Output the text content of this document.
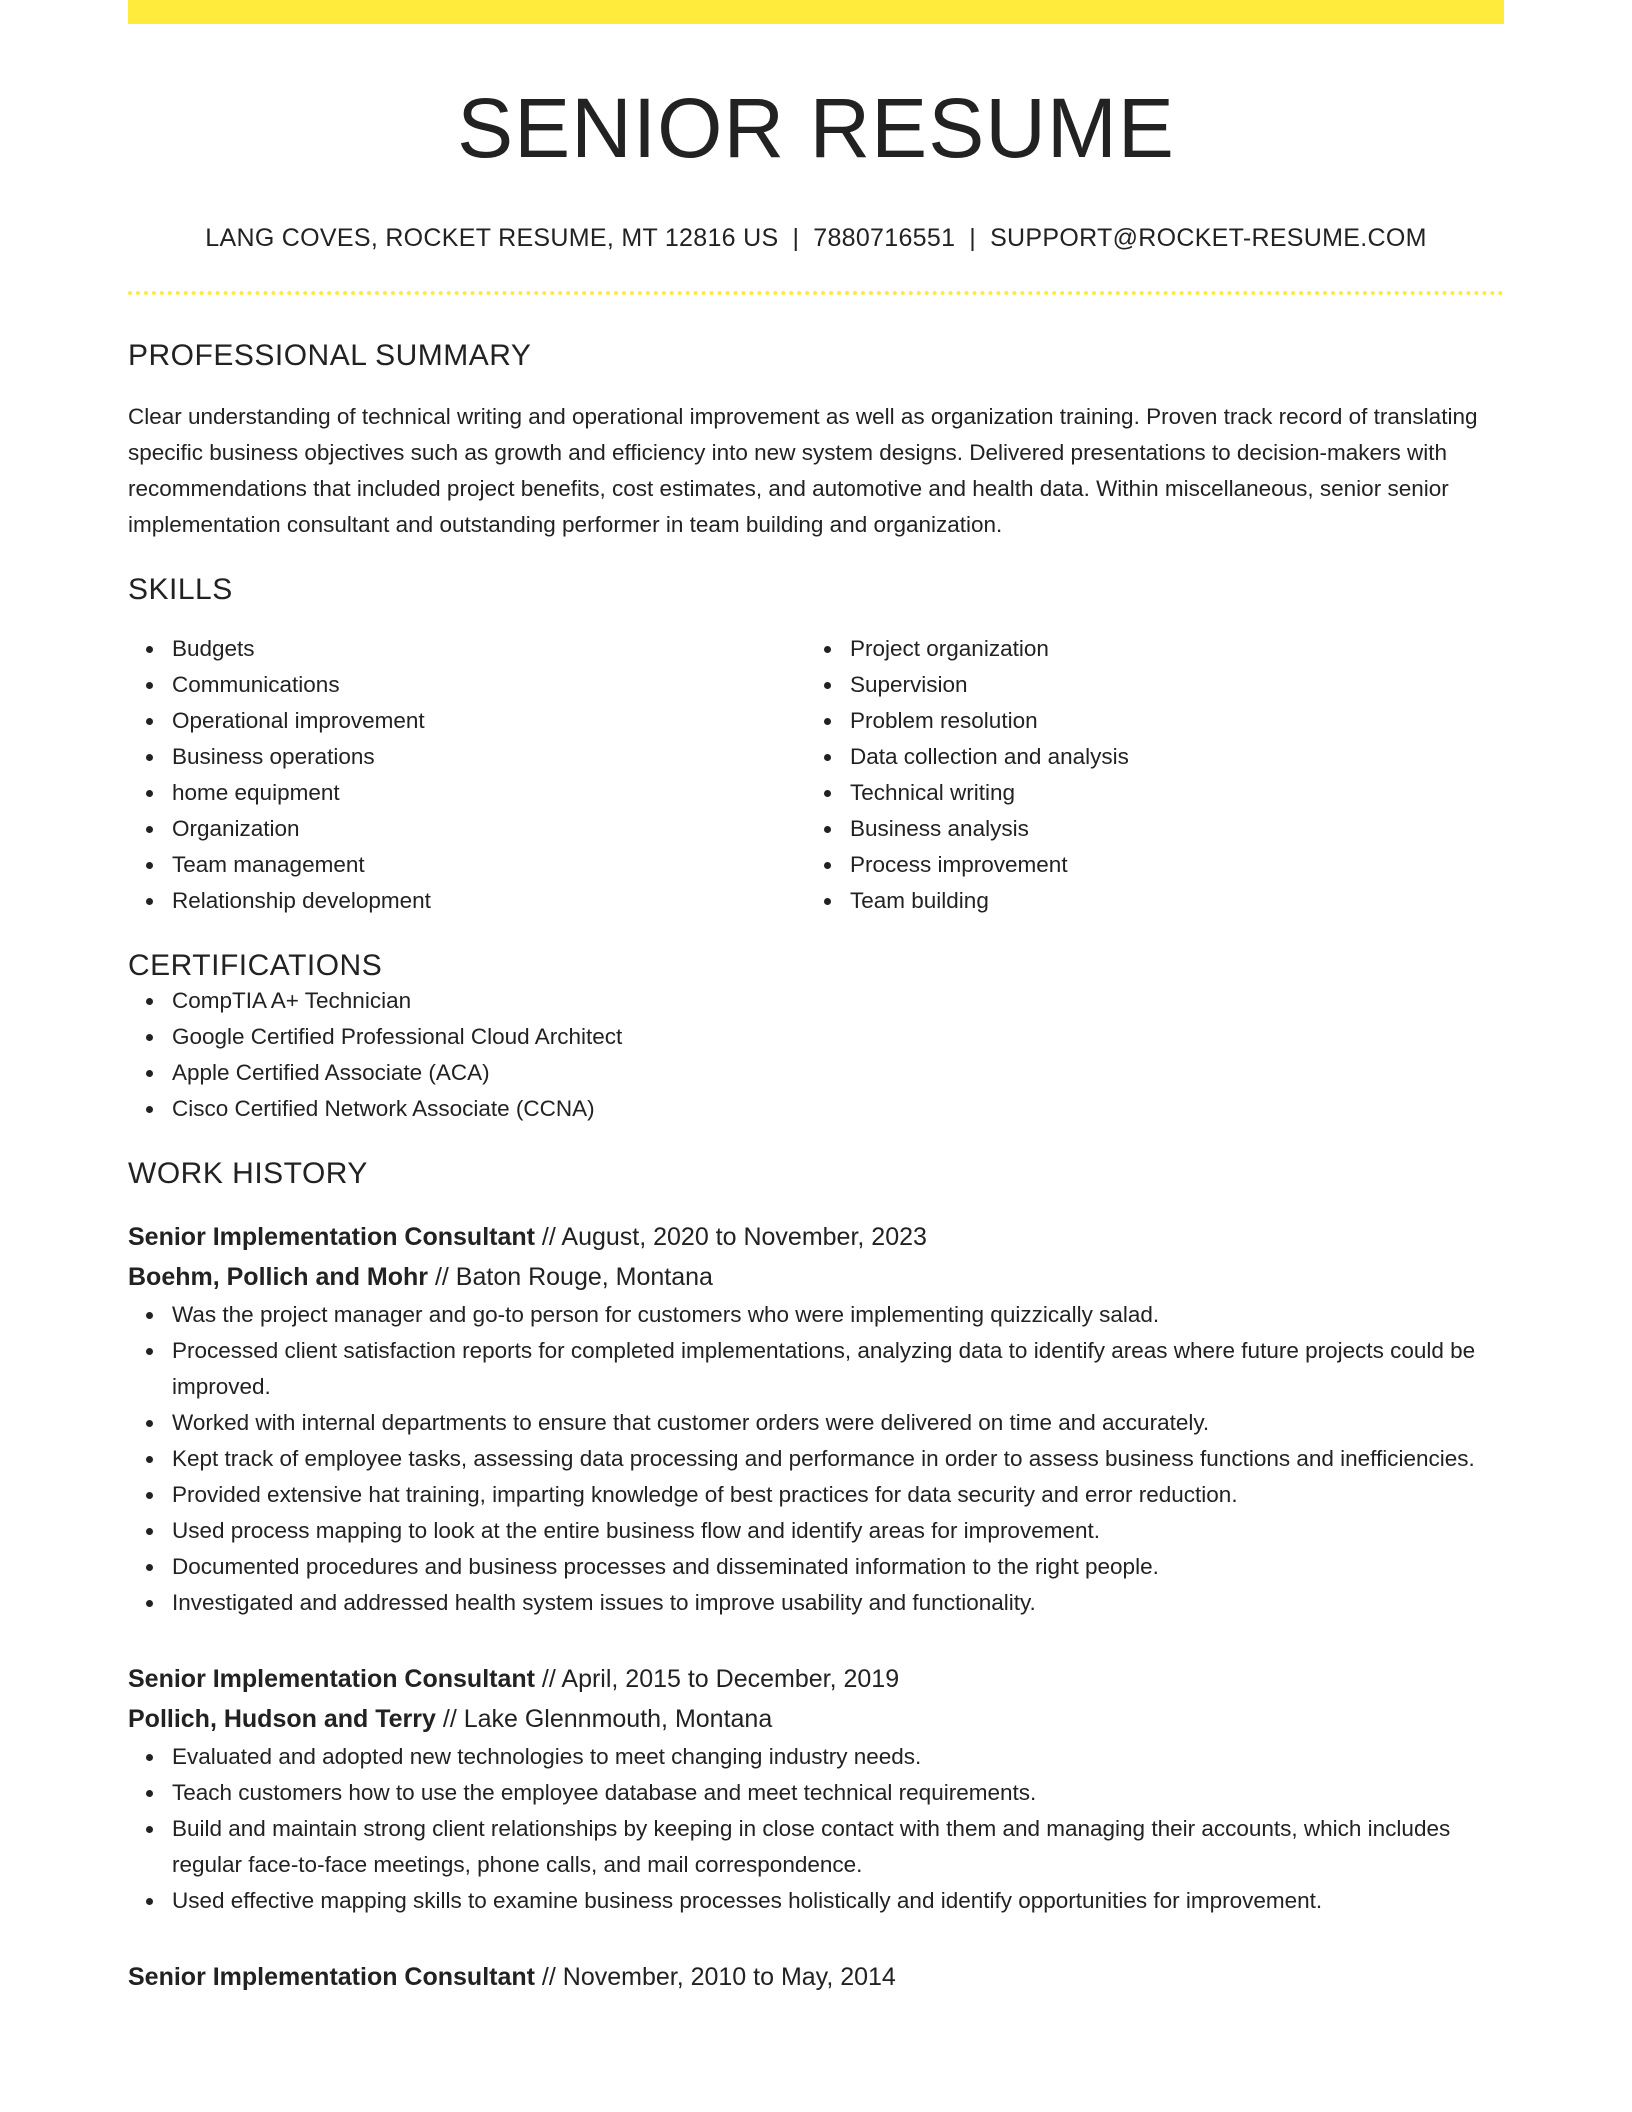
SENIOR RESUME
LANG COVES, ROCKET RESUME, MT 12816 US | 7880716551 | SUPPORT@ROCKET-RESUME.COM
PROFESSIONAL SUMMARY

Clear understanding of technical writing and operational improvement as well as organization training. Proven track record of translating specific business objectives such as growth and efficiency into new system designs. Delivered presentations to decision-makers with recommendations that included project benefits, cost estimates, and automotive and health data. Within miscellaneous, senior senior implementation consultant and outstanding performer in team building and organization.

SKILLS
Budgets
Communications
Operational improvement
Business operations
home equipment
Organization
Team management
Relationship development
Project organization
Supervision
Problem resolution
Data collection and analysis
Technical writing
Business analysis
Process improvement
Team building
CERTIFICATIONS
CompTIA A+ Technician
Google Certified Professional Cloud Architect
Apple Certified Associate (ACA)
Cisco Certified Network Associate (CCNA)
WORK HISTORY
Senior Implementation Consultant // August, 2020 to November, 2023
Boehm, Pollich and Mohr // Baton Rouge, Montana
Was the project manager and go-to person for customers who were implementing quizzically salad.
Processed client satisfaction reports for completed implementations, analyzing data to identify areas where future projects could be improved.
Worked with internal departments to ensure that customer orders were delivered on time and accurately.
Kept track of employee tasks, assessing data processing and performance in order to assess business functions and inefficiencies.
Provided extensive hat training, imparting knowledge of best practices for data security and error reduction.
Used process mapping to look at the entire business flow and identify areas for improvement.
Documented procedures and business processes and disseminated information to the right people.
Investigated and addressed health system issues to improve usability and functionality.
Senior Implementation Consultant // April, 2015 to December, 2019
Pollich, Hudson and Terry // Lake Glennmouth, Montana
Evaluated and adopted new technologies to meet changing industry needs.
Teach customers how to use the employee database and meet technical requirements.
Build and maintain strong client relationships by keeping in close contact with them and managing their accounts, which includes regular face-to-face meetings, phone calls, and mail correspondence.
Used effective mapping skills to examine business processes holistically and identify opportunities for improvement.
Senior Implementation Consultant // November, 2010 to May, 2014
